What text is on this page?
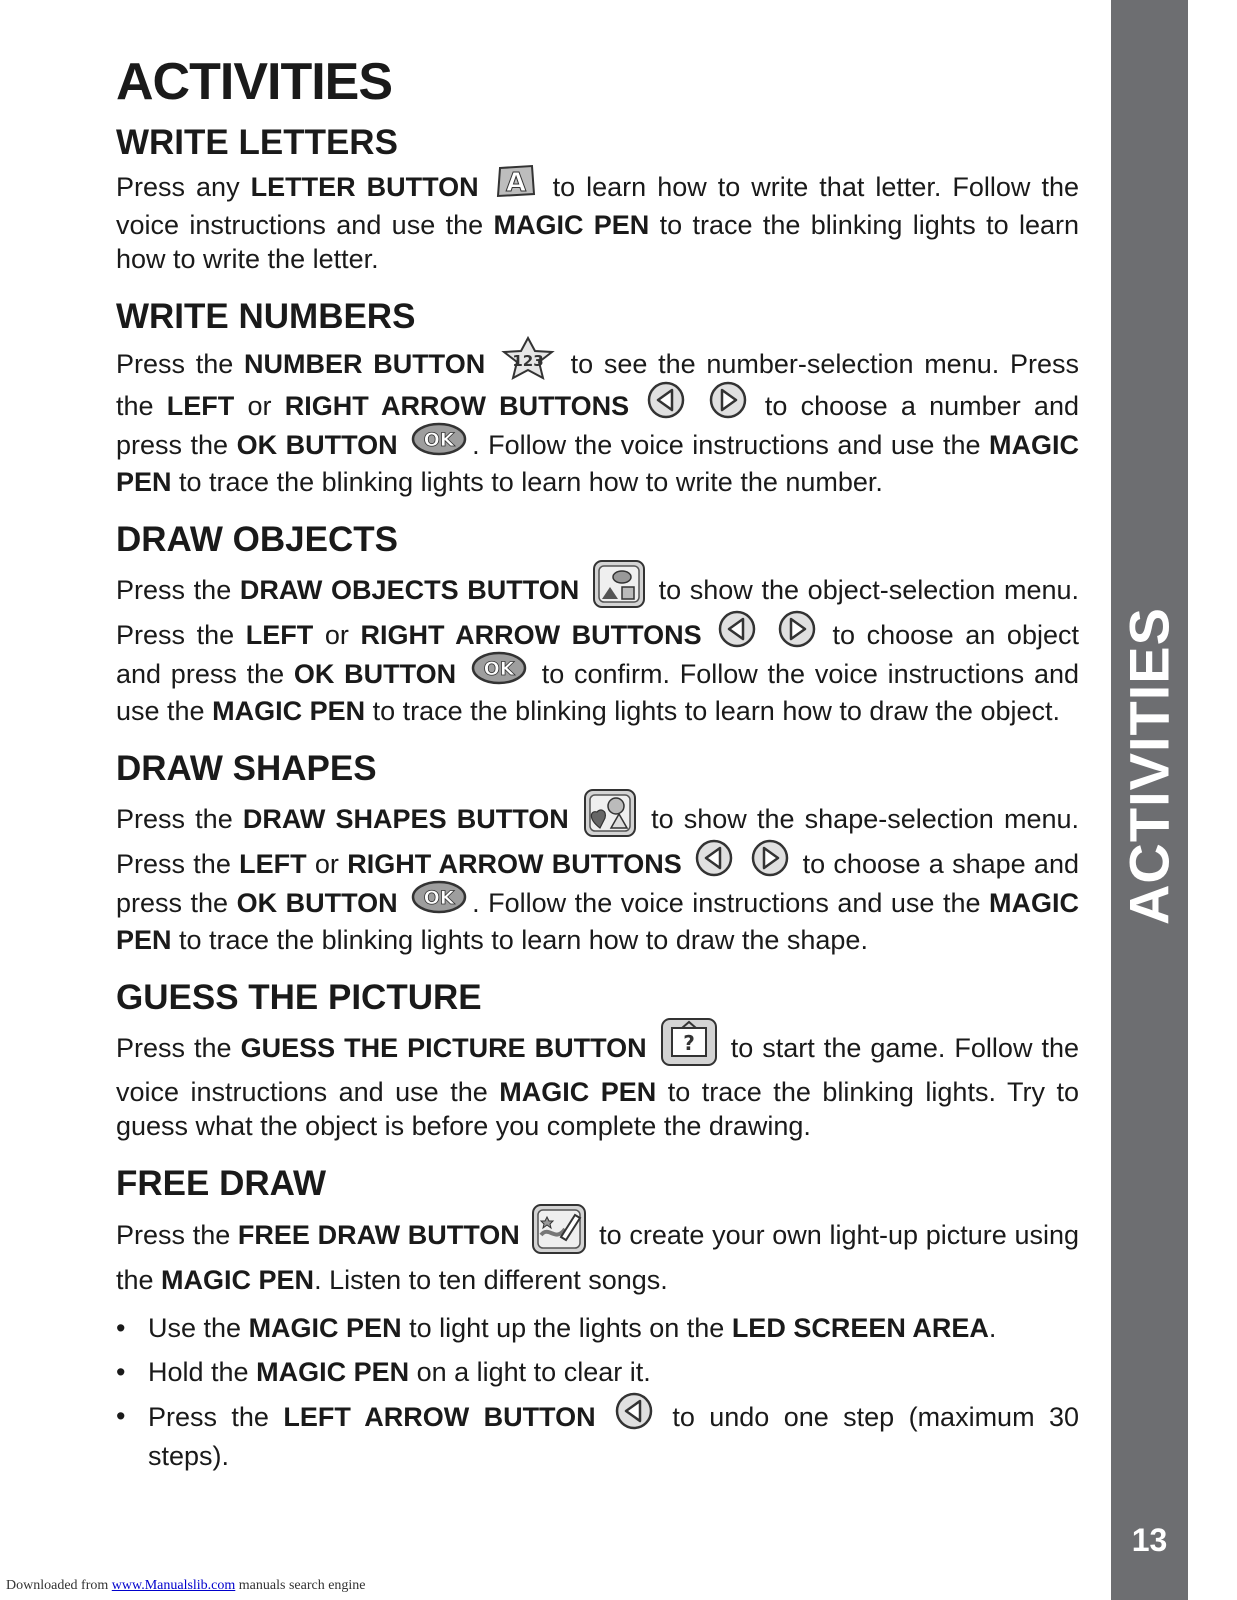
ACTIVITIES
13
ACTIVITIES
WRITE LETTERS

Press any LETTER BUTTON A to learn how to write that letter. Follow the voice instructions and use the MAGIC PEN to trace the blinking lights to learn how to write the letter.

WRITE NUMBERS

Press the NUMBER BUTTON 123 to see the number-selection menu. Press the LEFT or RIGHT ARROW BUTTONS	to choose a number and press the OK BUTTON OK . Follow the voice instructions and use the MAGIC PEN to trace the blinking lights to learn how to write the number.

DRAW OBJECTS

Press the DRAW OBJECTS BUTTON	to show the object-selection menu. Press the LEFT or RIGHT ARROW BUTTONS	to choose an object and press the OK BUTTON OK to confirm. Follow the voice instructions and use the MAGIC PEN to trace the blinking lights to learn how to draw the object.

DRAW SHAPES

Press the DRAW SHAPES BUTTON	to show the shape-selection menu. Press the LEFT or RIGHT ARROW BUTTONS	to choose a shape and press the OK BUTTON OK . Follow the voice instructions and use the MAGIC PEN to trace the blinking lights to learn how to draw the shape.

GUESS THE PICTURE

Press the GUESS THE PICTURE BUTTON ? to start the game. Follow the voice instructions and use the MAGIC PEN to trace the blinking lights. Try to guess what the object is before you complete the drawing.

FREE DRAW

Press the FREE DRAW BUTTON	to create your own light-up picture using the MAGIC PEN. Listen to ten different songs.

• Use the MAGIC PEN to light up the lights on the LED SCREEN AREA.
• Hold the MAGIC PEN on a light to clear it.
• Press the LEFT ARROW BUTTON  to undo one step (maximum 30 steps).
Downloaded from www.Manualslib.com manuals search engine
